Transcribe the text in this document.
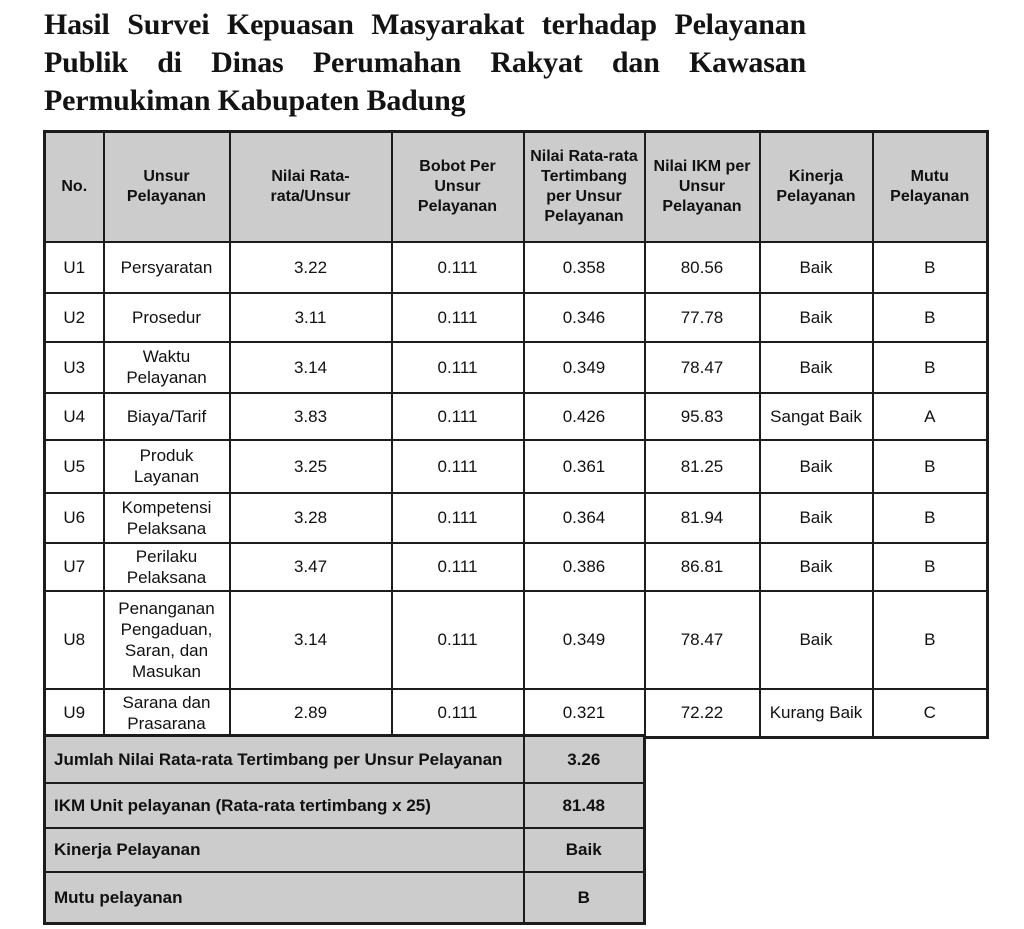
Hasil Survei Kepuasan Masyarakat terhadap Pelayanan Publik di Dinas Perumahan Rakyat dan Kawasan Permukiman Kabupaten Badung
No.	Unsur Pelayanan	Nilai Rata-rata/Unsur	Bobot Per Unsur Pelayanan	Nilai Rata-rata Tertimbang per Unsur Pelayanan	Nilai IKM per Unsur Pelayanan	Kinerja Pelayanan	Mutu Pelayanan
U1	Persyaratan	3.22	0.111	0.358	80.56	Baik	B
U2	Prosedur	3.11	0.111	0.346	77.78	Baik	B
U3	Waktu Pelayanan	3.14	0.111	0.349	78.47	Baik	B
U4	Biaya/Tarif	3.83	0.111	0.426	95.83	Sangat Baik	A
U5	Produk Layanan	3.25	0.111	0.361	81.25	Baik	B
U6	Kompetensi Pelaksana	3.28	0.111	0.364	81.94	Baik	B
U7	Perilaku Pelaksana	3.47	0.111	0.386	86.81	Baik	B
U8	Penanganan Pengaduan, Saran, dan Masukan	3.14	0.111	0.349	78.47	Baik	B
U9	Sarana dan Prasarana	2.89	0.111	0.321	72.22	Kurang Baik	C
Jumlah Nilai Rata-rata Tertimbang per Unsur Pelayanan	3.26
IKM Unit pelayanan (Rata-rata tertimbang x 25)	81.48
Kinerja Pelayanan	Baik
Mutu pelayanan	B
